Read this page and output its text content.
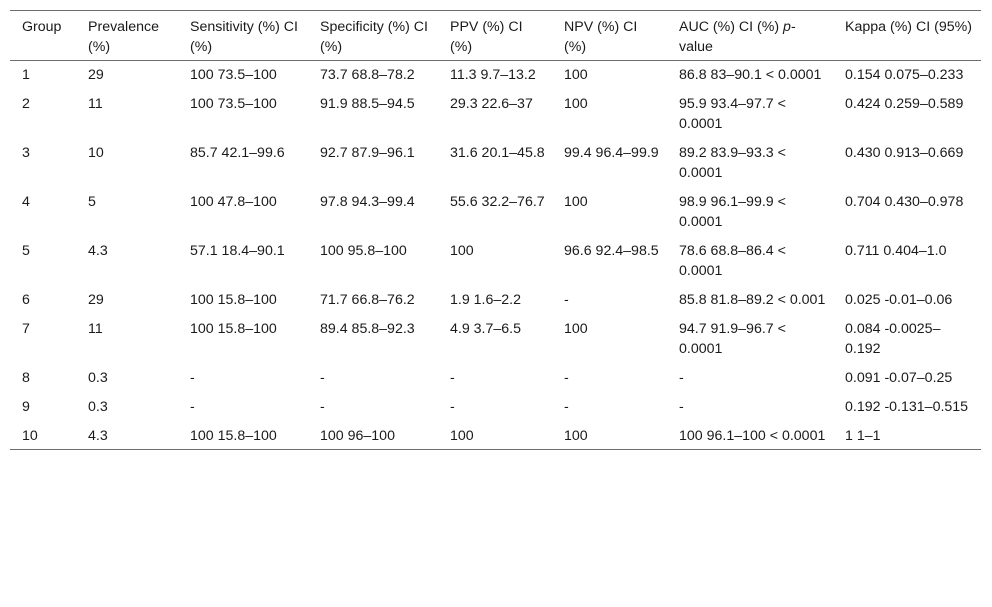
Group	Prevalence (%)	Sensitivity (%) CI (%)	Specificity (%) CI (%)	PPV (%) CI (%)	NPV (%) CI (%)	AUC (%) CI (%) p-value	Kappa (%) CI (95%)
1	29	100 73.5–100	73.7 68.8–78.2	11.3 9.7–13.2	100	86.8 83–90.1 < 0.0001	0.154 0.075–0.233
2	11	100 73.5–100	91.9 88.5–94.5	29.3 22.6–37	100	95.9 93.4–97.7 < 0.0001	0.424 0.259–0.589
3	10	85.7 42.1–99.6	92.7 87.9–96.1	31.6 20.1–45.8	99.4 96.4–99.9	89.2 83.9–93.3 < 0.0001	0.430 0.913–0.669
4	5	100 47.8–100	97.8 94.3–99.4	55.6 32.2–76.7	100	98.9 96.1–99.9 < 0.0001	0.704 0.430–0.978
5	4.3	57.1 18.4–90.1	100 95.8–100	100	96.6 92.4–98.5	78.6 68.8–86.4 < 0.0001	0.711 0.404–1.0
6	29	100 15.8–100	71.7 66.8–76.2	1.9 1.6–2.2	-	85.8 81.8–89.2 < 0.001	0.025 -0.01–0.06
7	11	100 15.8–100	89.4 85.8–92.3	4.9 3.7–6.5	100	94.7 91.9–96.7 < 0.0001	0.084 -0.0025–0.192
8	0.3	-	-	-	-	-	0.091 -0.07–0.25
9	0.3	-	-	-	-	-	0.192 -0.131–0.515
10	4.3	100 15.8–100	100 96–100	100	100	100 96.1–100 < 0.0001	1 1–1
